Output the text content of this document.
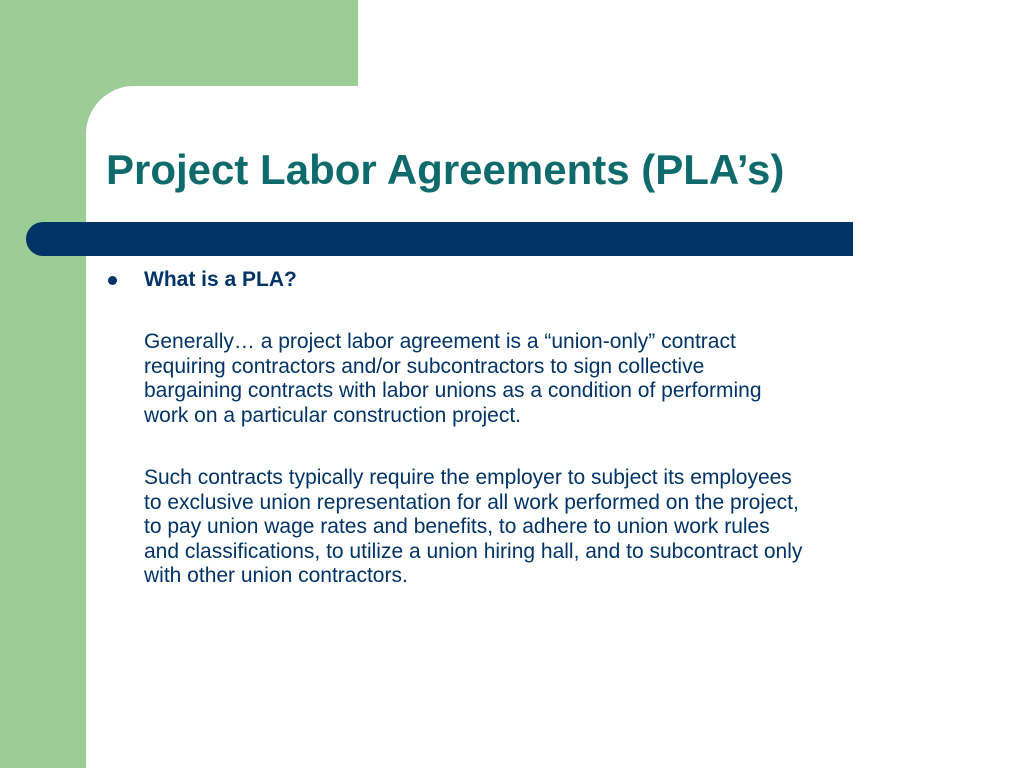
Project Labor Agreements (PLA’s)
What is a PLA?

Generally… a project labor agreement is a “union-only” contract
requiring contractors and/or subcontractors to sign collective
bargaining contracts with labor unions as a condition of performing
work on a particular construction project.

Such contracts typically require the employer to subject its employees
to exclusive union representation for all work performed on the project,
to pay union wage rates and benefits, to adhere to union work rules
and classifications, to utilize a union hiring hall, and to subcontract only
with other union contractors.
